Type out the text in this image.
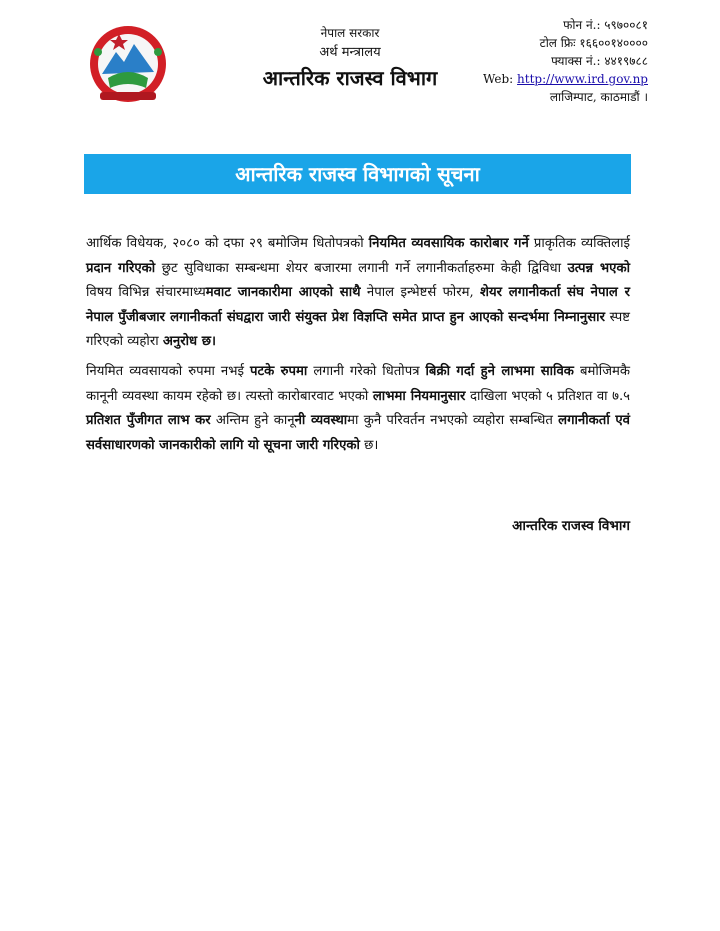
नेपाल सरकार
अर्थ मन्त्रालय
आन्तरिक राजस्व विभाग
फोन नं.: ५९७००८१
टोल फ्रिः १६६००१४००००
फ्याक्स नं.: ४४१९७८८
Web: http://www.ird.gov.np
लाजिम्पाट, काठमाडौं ।
आन्तरिक राजस्व विभागको सूचना
आर्थिक विधेयक, २०८० को दफा २९ बमोजिम धितोपत्रको नियमित व्यवसायिक कारोबार गर्ने प्राकृतिक व्यक्तिलाई प्रदान गरिएको छुट सुविधाका सम्बन्धमा शेयर बजारमा लगानी गर्ने लगानीकर्ताहरुमा केही द्विविधा उत्पन्न भएको विषय विभिन्न संचारमाध्यमवाट जानकारीमा आएको साथै नेपाल इन्भेष्टर्स फोरम, शेयर लगानीकर्ता संघ नेपाल र नेपाल पुँजीबजार लगानीकर्ता संघद्वारा जारी संयुक्त प्रेश विज्ञप्ति समेत प्राप्त हुन आएको सन्दर्भमा निम्नानुसार स्पष्ट गरिएको व्यहोरा अनुरोध छ।
नियमित व्यवसायको रुपमा नभई पटके रुपमा लगानी गरेको धितोपत्र बिक्री गर्दा हुने लाभमा साविक बमोजिमकै कानूनी व्यवस्था कायम रहेको छ। त्यस्तो कारोबारवाट भएको लाभमा नियमानुसार दाखिला भएको ५ प्रतिशत वा ७.५ प्रतिशत पुँजीगत लाभ कर अन्तिम हुने कानूनी व्यवस्थामा कुनै परिवर्तन नभएको व्यहोरा सम्बन्धित लगानीकर्ता एवं सर्वसाधारणको जानकारीको लागि यो सूचना जारी गरिएको छ।
आन्तरिक राजस्व विभाग
